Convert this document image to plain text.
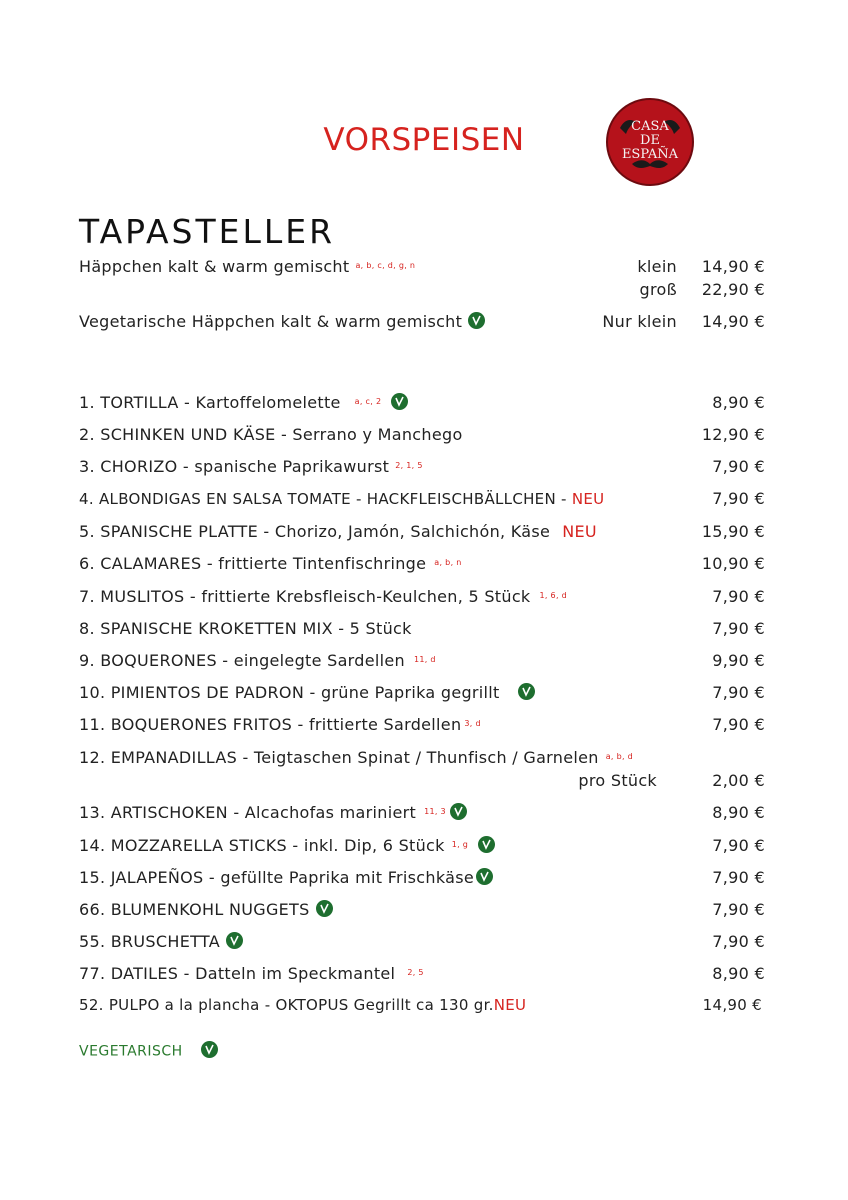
VORSPEISEN	CASA
DE
ESPAÑA
TAPASTELLER
Häppchen kalt & warm gemischt a, b, c, d, g, n	klein 14,90 €
groß 22,90 €
Vegetarische Häppchen kalt & warm gemischt	Nur klein 14,90 €
1. TORTILLA - Kartoffelomelette a, c, 2	8,90 €
2. SCHINKEN UND KÄSE - Serrano y Manchego	12,90 €
3. CHORIZO - spanische Paprikawurst 2, 1, 5	7,90 €
4. ALBONDIGAS EN SALSA TOMATE - HACKFLEISCHBÄLLCHEN - NEU	7,90 €
5. SPANISCHE PLATTE - Chorizo, Jamón, Salchichón, Käse NEU	15,90 €
6. CALAMARES - frittierte Tintenfischringe a, b, n	10,90 €
7. MUSLITOS - frittierte Krebsfleisch-Keulchen, 5 Stück 1, 6, d	7,90 €
8. SPANISCHE KROKETTEN MIX - 5 Stück	7,90 €
9. BOQUERONES - eingelegte Sardellen 11, d	9,90 €
10. PIMIENTOS DE PADRON - grüne Paprika gegrillt	7,90 €
11. BOQUERONES FRITOS - frittierte Sardellen 3, d	7,90 €
12. EMPANADILLAS - Teigtaschen Spinat / Thunfisch / Garnelen a, b, d
pro Stück	2,00 €
13. ARTISCHOKEN - Alcachofas mariniert 11, 3	8,90 €
14. MOZZARELLA STICKS - inkl. Dip, 6 Stück 1, g	7,90 €
15. JALAPEÑOS - gefüllte Paprika mit Frischkäse	7,90 €
66. BLUMENKOHL NUGGETS	7,90 €
55. BRUSCHETTA	7,90 €
77. DATILES - Datteln im Speckmantel 2, 5	8,90 €
52. PULPO a la plancha - OKTOPUS Gegrillt ca 130 gr.NEU	14,90 €
VEGETARISCH
